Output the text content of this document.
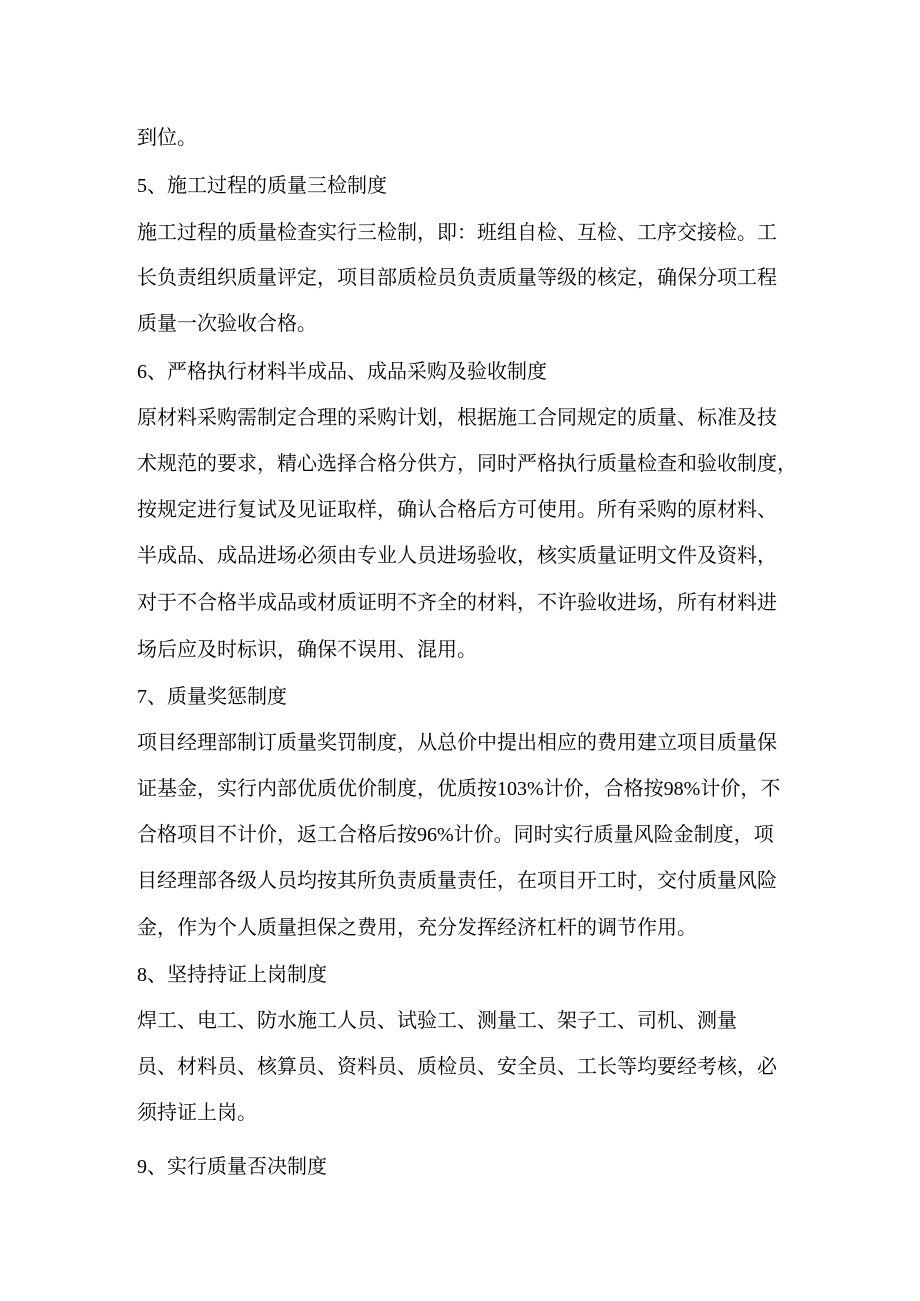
到位。
5、施工过程的质量三检制度
施工过程的质量检查实行三检制，即：班组自检、互检、工序交接检。工
长负责组织质量评定，项目部质检员负责质量等级的核定，确保分项工程
质量一次验收合格。
6、严格执行材料半成品、成品采购及验收制度
原材料采购需制定合理的采购计划，根据施工合同规定的质量、标准及技
术规范的要求，精心选择合格分供方，同时严格执行质量检查和验收制度，
按规定进行复试及见证取样，确认合格后方可使用。所有采购的原材料、
半成品、成品进场必须由专业人员进场验收，核实质量证明文件及资料，
对于不合格半成品或材质证明不齐全的材料，不许验收进场，所有材料进
场后应及时标识，确保不误用、混用。
7、质量奖惩制度
项目经理部制订质量奖罚制度，从总价中提出相应的费用建立项目质量保
证基金，实行内部优质优价制度，优质按103%计价，合格按98%计价，不
合格项目不计价，返工合格后按96%计价。同时实行质量风险金制度，项
目经理部各级人员均按其所负责质量责任，在项目开工时，交付质量风险
金，作为个人质量担保之费用，充分发挥经济杠杆的调节作用。
8、坚持持证上岗制度
焊工、电工、防水施工人员、试验工、测量工、架子工、司机、测量
员、材料员、核算员、资料员、质检员、安全员、工长等均要经考核，必
须持证上岗。
9、实行质量否决制度
